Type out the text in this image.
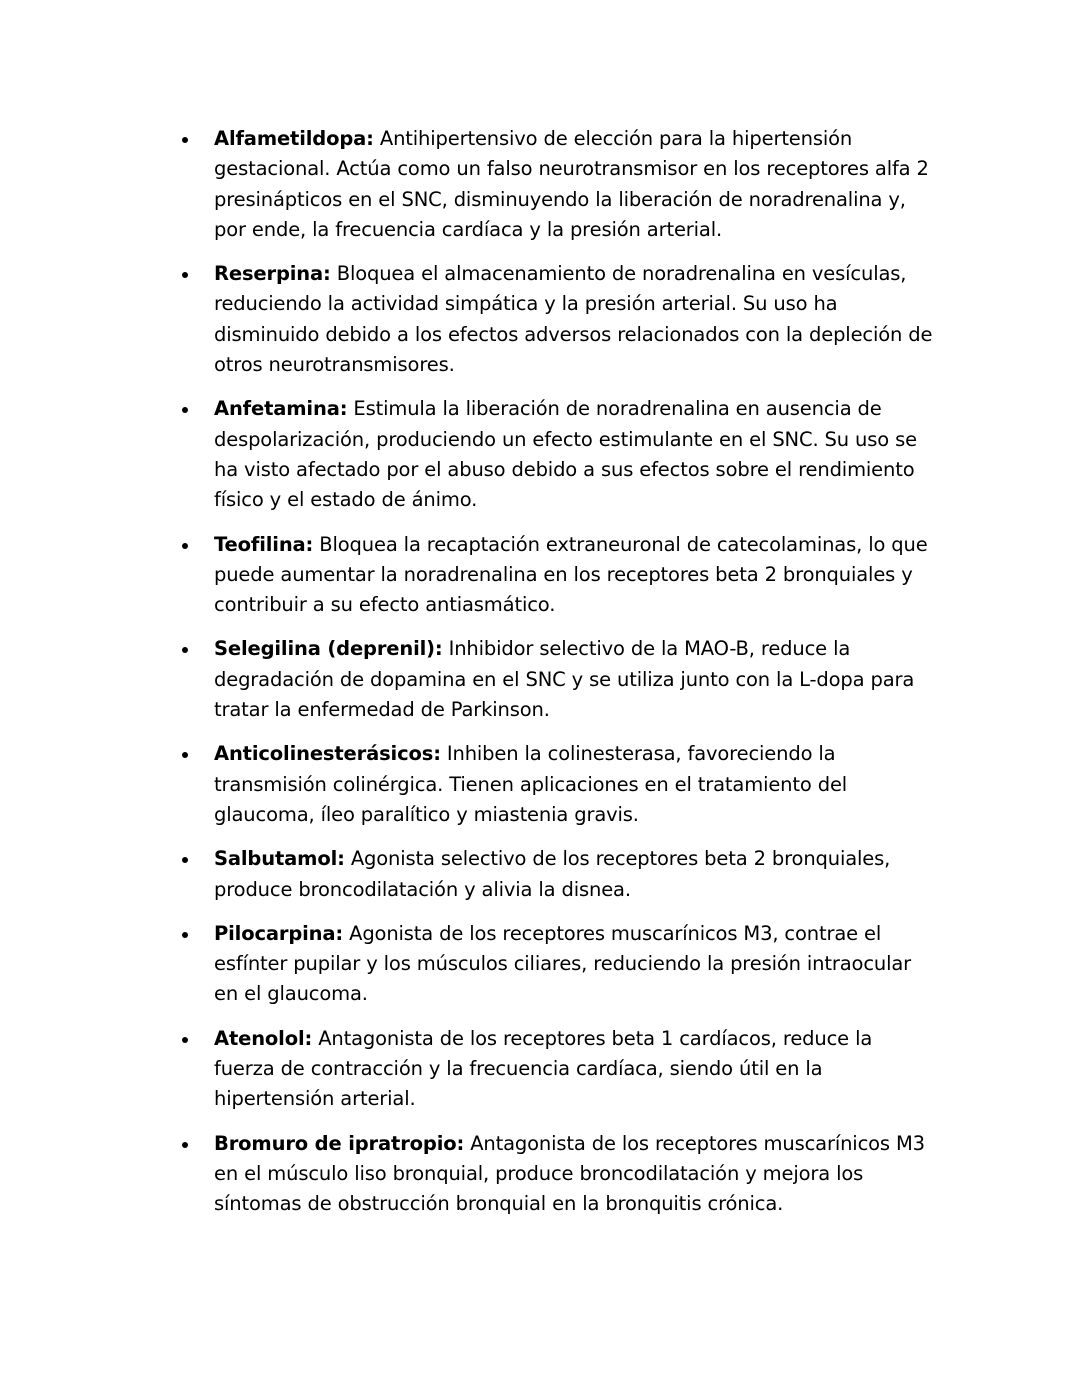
Alfametildopa: Antihipertensivo de elección para la hipertensión gestacional. Actúa como un falso neurotransmisor en los receptores alfa 2 presinápticos en el SNC, disminuyendo la liberación de noradrenalina y, por ende, la frecuencia cardíaca y la presión arterial.
Reserpina: Bloquea el almacenamiento de noradrenalina en vesículas, reduciendo la actividad simpática y la presión arterial. Su uso ha disminuido debido a los efectos adversos relacionados con la depleción de otros neurotransmisores.
Anfetamina: Estimula la liberación de noradrenalina en ausencia de despolarización, produciendo un efecto estimulante en el SNC. Su uso se ha visto afectado por el abuso debido a sus efectos sobre el rendimiento físico y el estado de ánimo.
Teofilina: Bloquea la recaptación extraneuronal de catecolaminas, lo que puede aumentar la noradrenalina en los receptores beta 2 bronquiales y contribuir a su efecto antiasmático.
Selegilina (deprenil): Inhibidor selectivo de la MAO-B, reduce la degradación de dopamina en el SNC y se utiliza junto con la L-dopa para tratar la enfermedad de Parkinson.
Anticolinesterásicos: Inhiben la colinesterasa, favoreciendo la transmisión colinérgica. Tienen aplicaciones en el tratamiento del glaucoma, íleo paralítico y miastenia gravis.
Salbutamol: Agonista selectivo de los receptores beta 2 bronquiales, produce broncodilatación y alivia la disnea.
Pilocarpina: Agonista de los receptores muscarínicos M3, contrae el esfínter pupilar y los músculos ciliares, reduciendo la presión intraocular en el glaucoma.
Atenolol: Antagonista de los receptores beta 1 cardíacos, reduce la fuerza de contracción y la frecuencia cardíaca, siendo útil en la hipertensión arterial.
Bromuro de ipratropio: Antagonista de los receptores muscarínicos M3 en el músculo liso bronquial, produce broncodilatación y mejora los síntomas de obstrucción bronquial en la bronquitis crónica.
